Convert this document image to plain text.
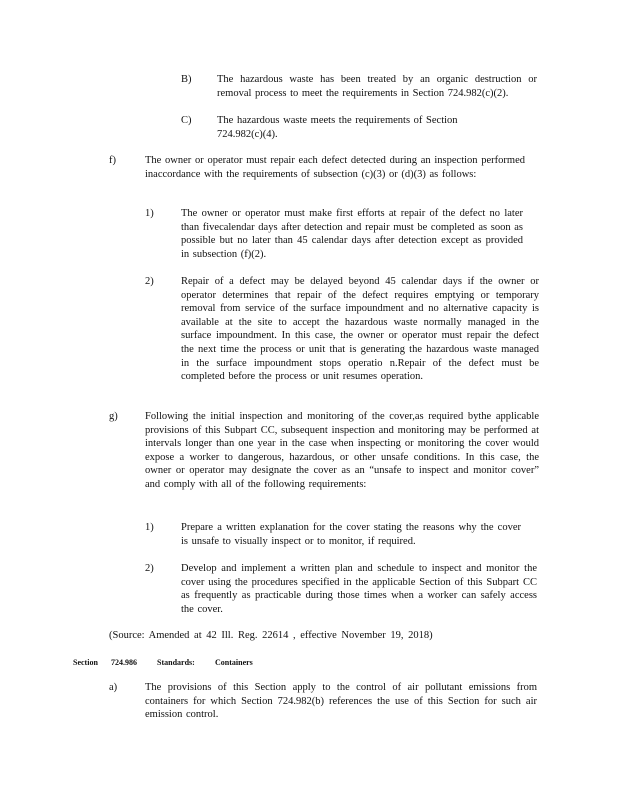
B) The hazardous waste has been treated by an organic destruction or removal process to meet the requirements in Section 724.982(c)(2).
C) The hazardous waste meets the requirements of Section 724.982(c)(4).
f)	The owner or operator must repair each defect detected during an inspection performed inaccordance with the requirements of subsection (c)(3) or (d)(3) as follows:
1)	The owner or operator must make first efforts at repair of the defect no later than fivecalendar days after detection and repair must be completed as soon as possible but no later than 45 calendar days after detection except as provided in subsection (f)(2).
2)	Repair of a defect may be delayed beyond 45 calendar days if the owner or operator determines that repair of the defect requires emptying or temporary removal from service of the surface impoundment and no alternative capacity is available at the site to accept the hazardous waste normally managed in the surface impoundment. In this case, the owner or operator must repair the defect the next time the process or unit that is generating the hazardous waste managed in the surface impoundment stops operatio n.Repair of the defect must be completed before the process or unit resumes operation.
g)	Following the initial inspection and monitoring of the cover,as required bythe applicable provisions of this Subpart CC, subsequent inspection and monitoring may be performed at intervals longer than one year in the case when inspecting or monitoring the cover would expose a worker to dangerous, hazardous, or other unsafe conditions. In this case, the owner or operator may designate the cover as an “unsafe to inspect and monitor cover” and comply with all of the following requirements:
1)	Prepare a written explanation for the cover stating the reasons why the cover is unsafe to visually inspect or to monitor, if required.
2)	Develop and implement a written plan and schedule to inspect and monitor the cover using the procedures specified in the applicable Section of this Subpart CC as frequently as practicable during those times when a worker can safely access the cover.
(Source: Amended at 42 Ill. Reg. 22614 , effective November 19, 2018)
Section 724.986	Standards:	Containers
a)	The provisions of this Section apply to the control of air pollutant emissions from containers for which Section 724.982(b) references the use of this Section for such air emission control.
